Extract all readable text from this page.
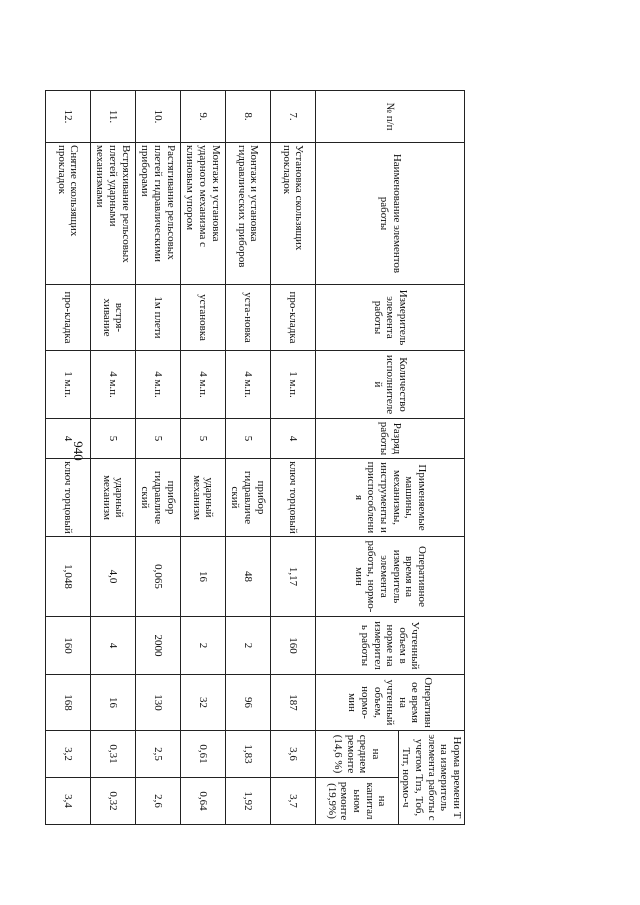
940
№ п/п	Наименование элементов работы	Измеритель элемента работы	Количество исполнителей	Разряд работы	Применяемые машины, механизмы, инструменты и приспособления	Оперативное время на измеритель элемента работы, нормо-мин	Учтенный объем в норме на измеритель работы	Оперативное время на учтенный объем, нормо-мин	Норма времени Т на измеритель элемента работы с учетом Тпз, Тоб, Тпт, нормо-ч	
									на среднем ремонте (14,6 %)	на капитальном ремонте (19,9%)
7.	Установка скользящих прокладок	про-кладка	1 м.п.	4	ключ торцовый	1,17	160	187	3,6	3,7
8.	Монтаж и установка гидравлических приборов	уста-новка	4 м.п.	5	прибор гидравличе ский	48	2	96	1,83	1,92
9.	Монтаж и установка ударного механизма с клиновым упором	установка	4 м.п.	5	ударный механизм	16	2	32	0,61	0,64
10.	Растягивание рельсовых плетей гидравлическими приборами	1м плети	4 м.п.	5	прибор гидравличе ский	0,065	2000	130	2,5	2,6
11.	Встряхивание рельсовых плетей ударными механизмами	встря-хивание	4 м.п.	5	ударный механизм	4,0	4	16	0,31	0,32
12.	Снятие скользящих прокладок	про-кладка	1 м.п.	4	ключ торцовый	1,048	160	168	3,2	3,4
